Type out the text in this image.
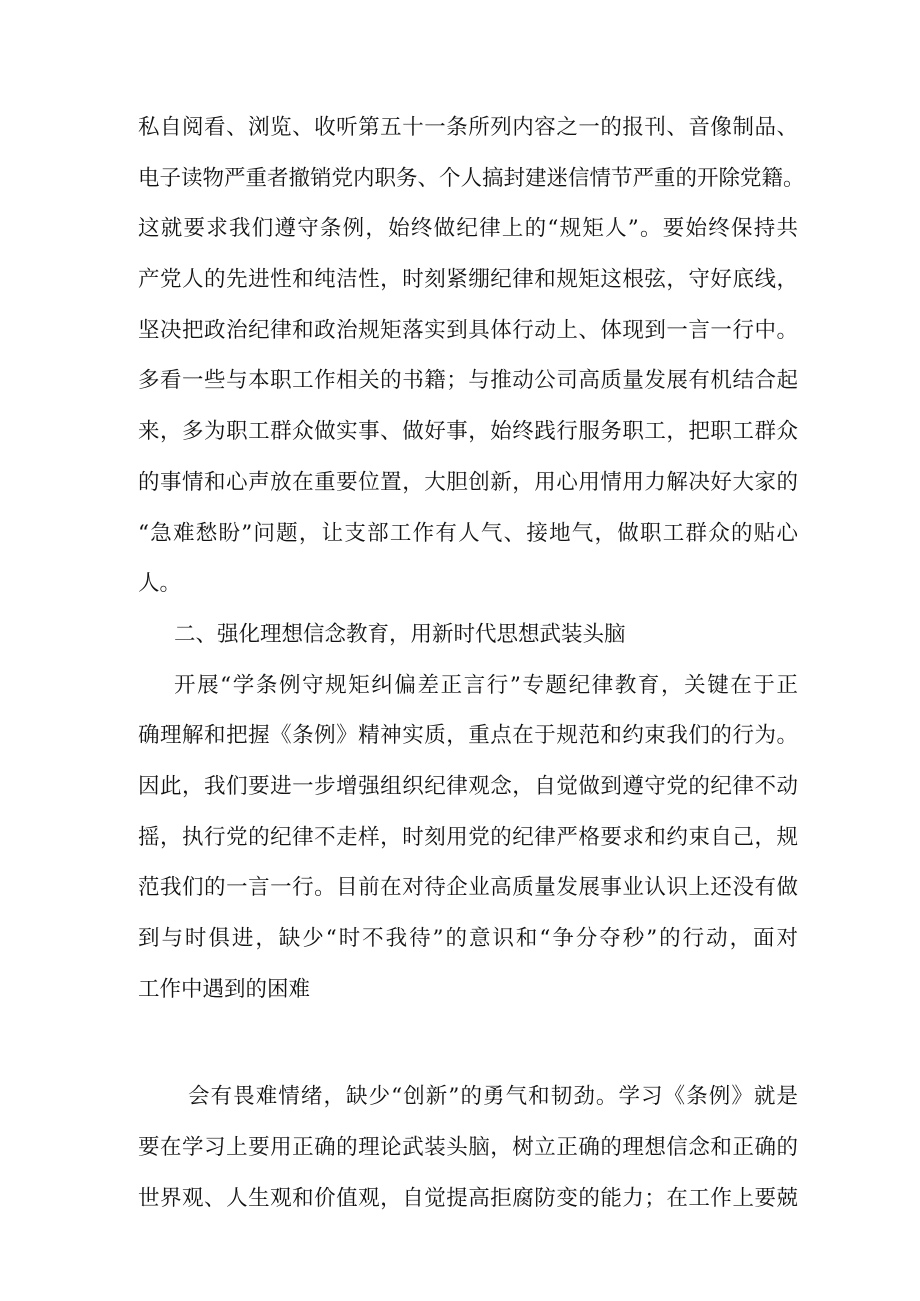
私自阅看、浏览、收听第五十一条所列内容之一的报刊、音像制品、
电子读物严重者撤销党内职务、个人搞封建迷信情节严重的开除党籍。
这就要求我们遵守条例，始终做纪律上的“规矩人”。要始终保持共
产党人的先进性和纯洁性，时刻紧绷纪律和规矩这根弦，守好底线，
坚决把政治纪律和政治规矩落实到具体行动上、体现到一言一行中。
多看一些与本职工作相关的书籍；与推动公司高质量发展有机结合起
来，多为职工群众做实事、做好事，始终践行服务职工，把职工群众
的事情和心声放在重要位置，大胆创新，用心用情用力解决好大家的
“急难愁盼”问题，让支部工作有人气、接地气，做职工群众的贴心
人。
二、强化理想信念教育，用新时代思想武装头脑
开展“学条例守规矩纠偏差正言行”专题纪律教育，关键在于正
确理解和把握《条例》精神实质，重点在于规范和约束我们的行为。
因此，我们要进一步增强组织纪律观念，自觉做到遵守党的纪律不动
摇，执行党的纪律不走样，时刻用党的纪律严格要求和约束自己，规
范我们的一言一行。目前在对待企业高质量发展事业认识上还没有做
到与时俱进，缺少“时不我待”的意识和“争分夺秒”的行动，面对
工作中遇到的困难
会有畏难情绪，缺少“创新”的勇气和韧劲。学习《条例》就是
要在学习上要用正确的理论武装头脑，树立正确的理想信念和正确的
世界观、人生观和价值观，自觉提高拒腐防变的能力；在工作上要兢
